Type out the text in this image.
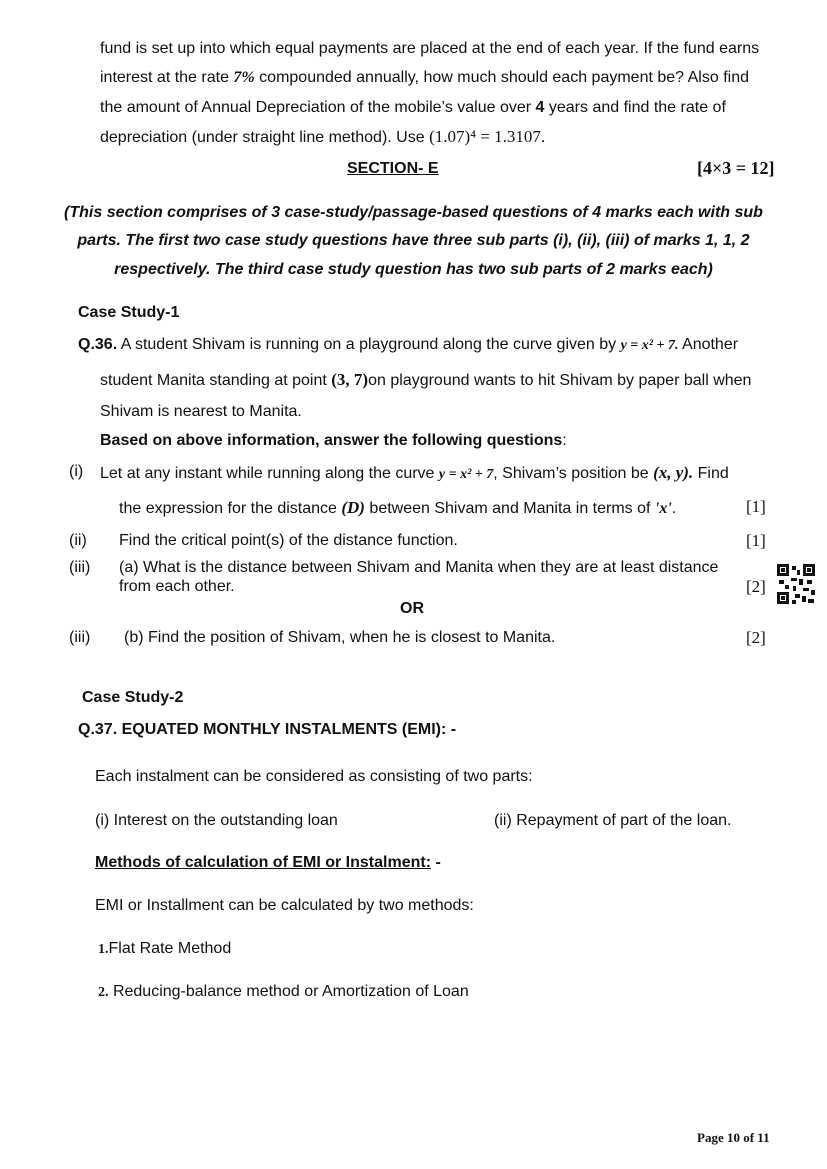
fund is set up into which equal payments are placed at the end of each year. If the fund earns
interest at the rate 7% compounded annually, how much should each payment be? Also find
the amount of Annual Depreciation of the mobile’s value over 4 years and find the rate of
depreciation (under straight line method). Use (1.07)⁴ = 1.3107.
SECTION- E	[4×3 = 12]
(This section comprises of 3 case-study/passage-based questions of 4 marks each with sub
parts. The first two case study questions have three sub parts (i), (ii), (iii) of marks 1, 1, 2
respectively. The third case study question has two sub parts of 2 marks each)
Case Study-1
Q.36. A student Shivam is running on a playground along the curve given by y = x² + 7. Another
student Manita standing at point (3, 7)on playground wants to hit Shivam by paper ball when
Shivam is nearest to Manita.
Based on above information, answer the following questions:
(i) Let at any instant while running along the curve y = x² + 7, Shivam’s position be (x, y). Find
the expression for the distance (D) between Shivam and Manita in terms of 'x'.	[1]
(ii) Find the critical point(s) of the distance function.	[1]
(iii) (a) What is the distance between Shivam and Manita when they are at least distance
from each other.	[2]
OR
(iii) (b) Find the position of Shivam, when he is closest to Manita.	[2]
Case Study-2
Q.37. EQUATED MONTHLY INSTALMENTS (EMI): -
Each instalment can be considered as consisting of two parts:
(i) Interest on the outstanding loan	(ii) Repayment of part of the loan.
Methods of calculation of EMI or Instalment: -
EMI or Installment can be calculated by two methods:
1.Flat Rate Method
2. Reducing-balance method or Amortization of Loan
Page 10 of 11
